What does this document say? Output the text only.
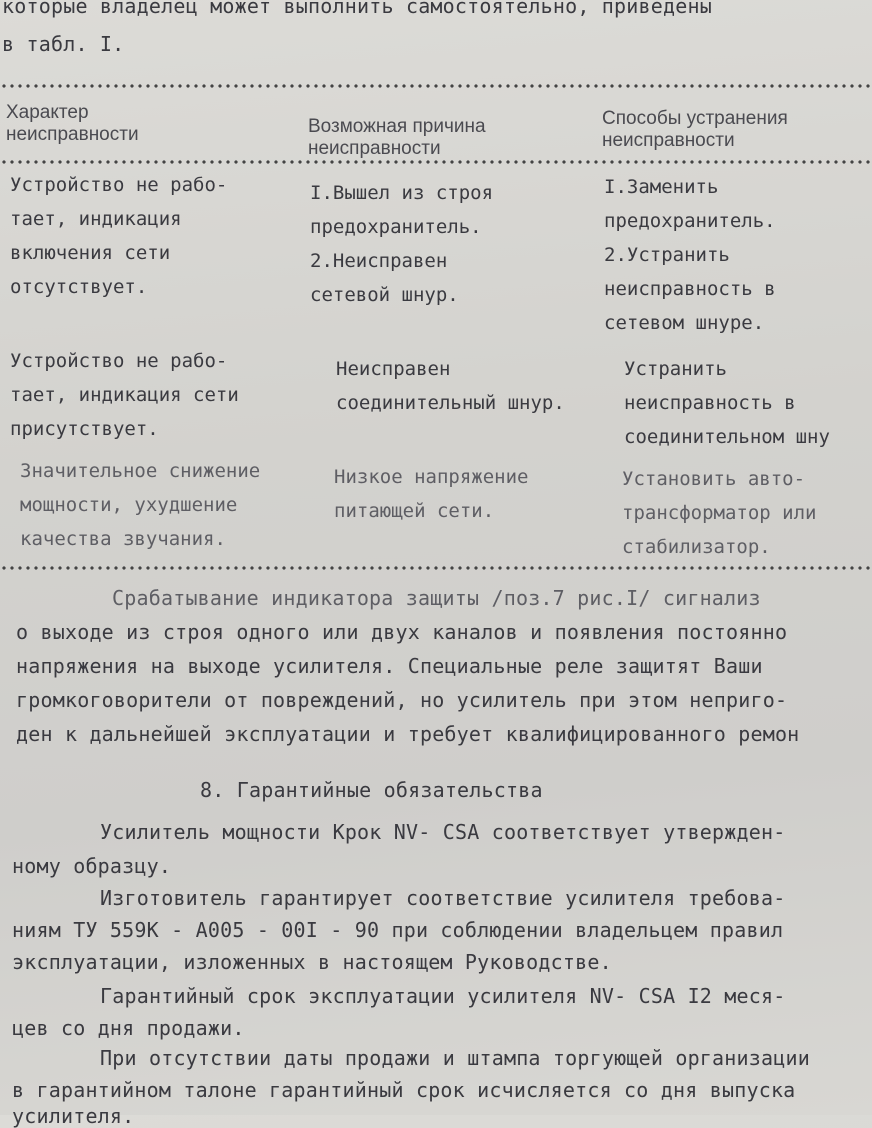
которые владелец может выполнить самостоятельно, приведены
в табл. I.
Характер
неисправности	Возможная причина
неисправности
Способы устранения
неисправности
Устройство не рабо-
тает, индикация
включения сети
отсутствует.
I.Вышел из строя
предохранитель.
2.Неисправен
сетевой шнур.
I.Заменить
предохранитель.
2.Устранить
неисправность в
сетевом шнуре.
Устройство не рабо-
тает, индикация сети
присутствует.
Неисправен
соединительный шнур.
Устранить
неисправность в
соединительном шну
Значительное снижение
мощности, ухудшение
качества звучания.
Низкое напряжение
питающей сети.
Установить авто-
трансформатор или
стабилизатор.
Срабатывание индикатора защиты /поз.7 рис.I/ сигнализ
о выходе из строя одного или двух каналов и появления постоянно
напряжения на выходе усилителя. Специальные реле защитят Ваши
громкоговорители от повреждений, но усилитель при этом неприго-
ден к дальнейшей эксплуатации и требует квалифицированного ремон
8. Гарантийные обязательства
Усилитель мощности Крок NV- CSA соответствует утвержден-
ному образцу.
Изготовитель гарантирует соответствие усилителя требова-
ниям ТУ 559К - А005 - 00I - 90 при соблюдении владельцем правил
эксплуатации, изложенных в настоящем Руководстве.
Гарантийный срок эксплуатации усилителя NV- CSA I2 меся-
цев со дня продажи.
При отсутствии даты продажи и штампа торгующей организации
в гарантийном талоне гарантийный срок исчисляется со дня выпуска
усилителя.
